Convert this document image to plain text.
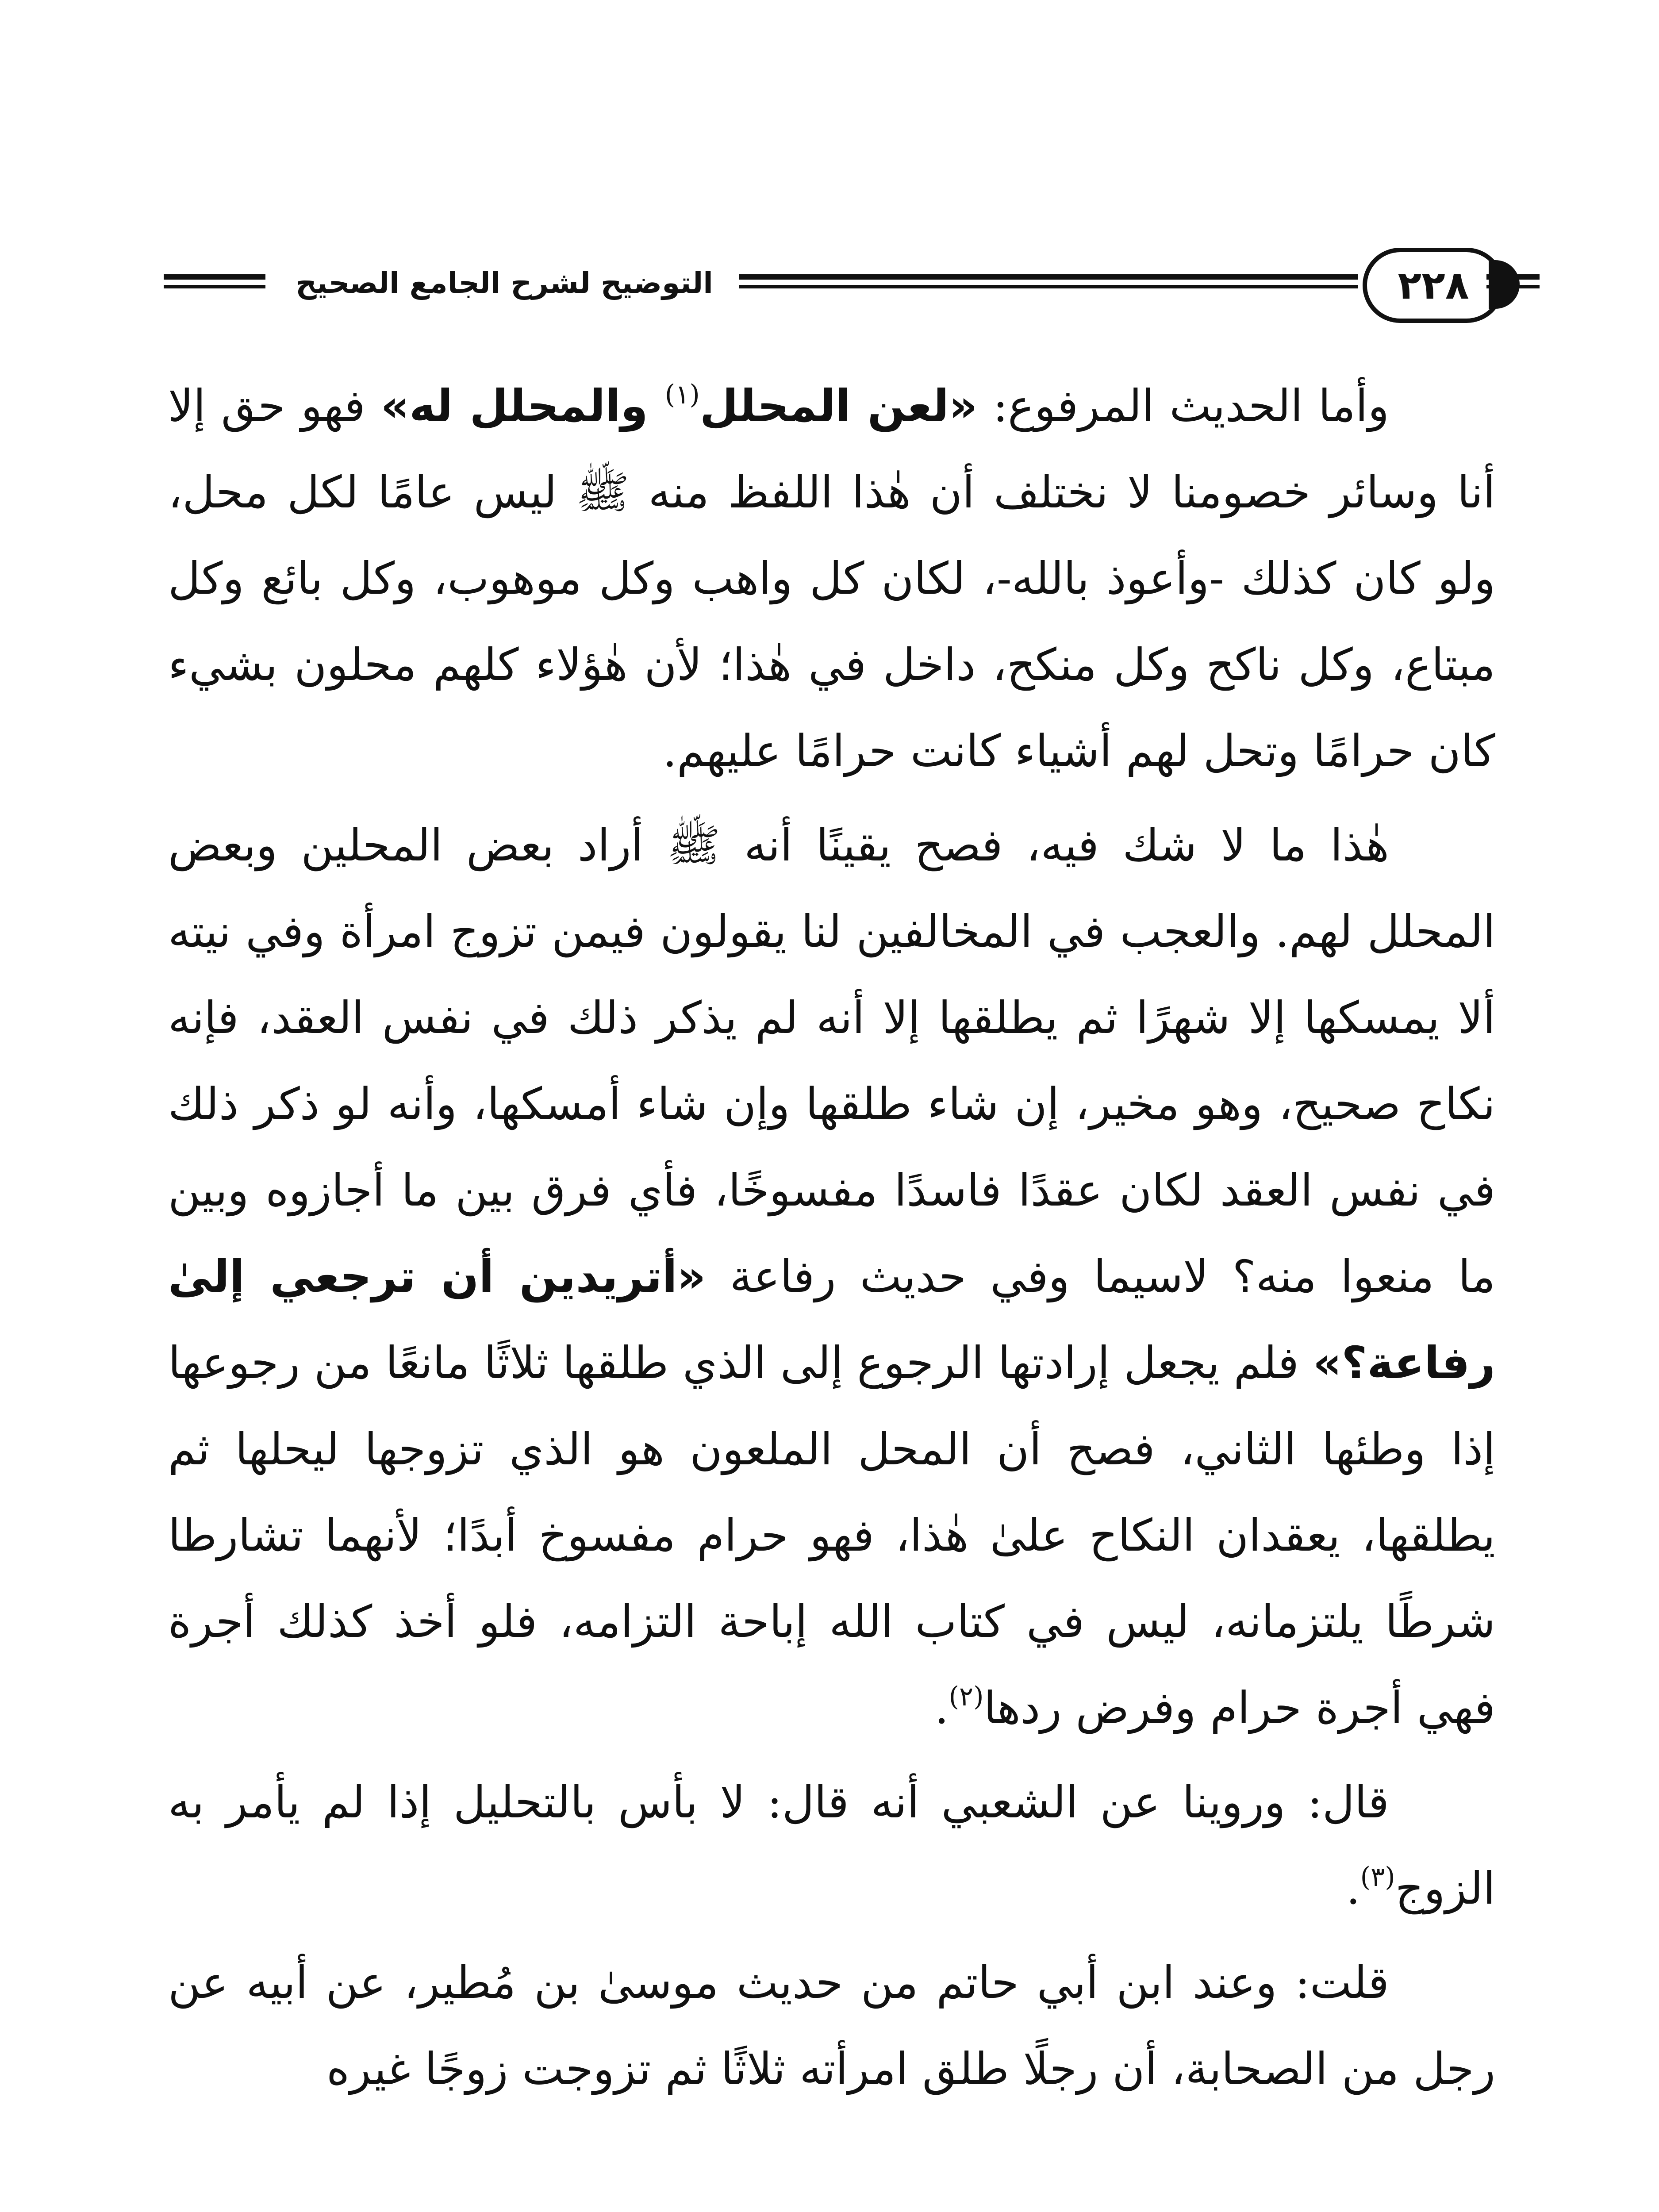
التوضيح لشرح الجامع الصحيح	٢٢٨

وأما الحديث المرفوع: «لعن المحلل$^{(١)}$ والمحلل له» فهو حق إلا أنا وسائر خصومنا لا نختلف أن هٰذا اللفظ منه ﷺ ليس عامًا لكل محل، ولو كان كذلك -وأعوذ بالله-، لكان كل واهب وكل موهوب، وكل بائع وكل مبتاع، وكل ناكح وكل منكح، داخل في هٰذا؛ لأن هٰؤلاء كلهم محلون بشيء كان حرامًا وتحل لهم أشياء كانت حرامًا عليهم.

هٰذا ما لا شك فيه، فصح يقينًا أنه ﷺ أراد بعض المحلين وبعض المحلل لهم. والعجب في المخالفين لنا يقولون فيمن تزوج امرأة وفي نيته ألا يمسكها إلا شهرًا ثم يطلقها إلا أنه لم يذكر ذلك في نفس العقد، فإنه نكاح صحيح، وهو مخير، إن شاء طلقها وإن شاء أمسكها، وأنه لو ذكر ذلك في نفس العقد لكان عقدًا فاسدًا مفسوخًا، فأي فرق بين ما أجازوه وبين ما منعوا منه؟ لاسيما وفي حديث رفاعة «أتريدين أن ترجعي إلىٰ رفاعة؟» فلم يجعل إرادتها الرجوع إلى الذي طلقها ثلاثًا مانعًا من رجوعها إذا وطئها الثاني، فصح أن المحل الملعون هو الذي تزوجها ليحلها ثم يطلقها، يعقدان النكاح علىٰ هٰذا، فهو حرام مفسوخ أبدًا؛ لأنهما تشارطا شرطًا يلتزمانه، ليس في كتاب الله إباحة التزامه، فلو أخذ كذلك أجرة فهي أجرة حرام وفرض ردها$^{(٢)}$.

قال: وروينا عن الشعبي أنه قال: لا بأس بالتحليل إذا لم يأمر به الزوج$^{(٣)}$.

قلت: وعند ابن أبي حاتم من حديث موسىٰ بن مُطير، عن أبيه عن رجل من الصحابة، أن رجلًا طلق امرأته ثلاثًا ثم تزوجت زوجًا غيره
